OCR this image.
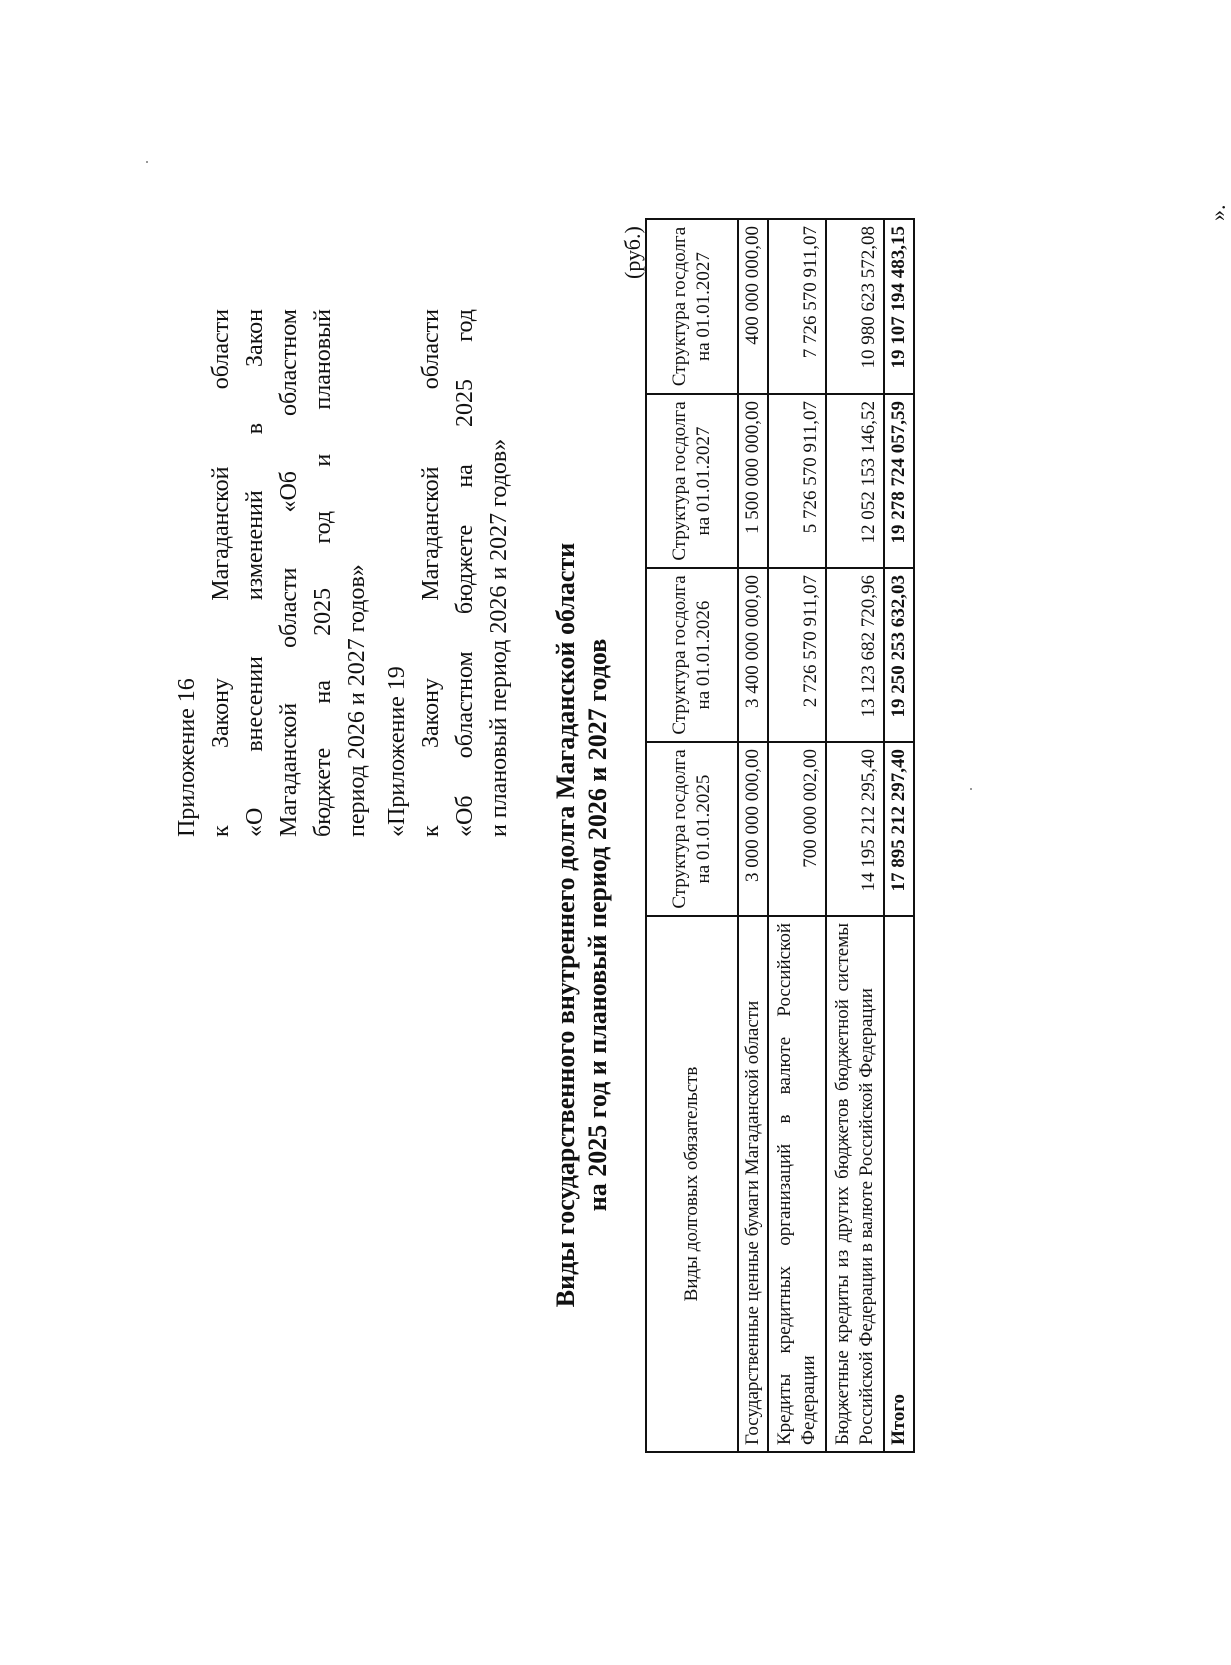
Приложение 16 к Закону Магаданской области «О внесении изменений в Закон Магаданской области «Об областном бюджете на 2025 год и плановый период 2026 и 2027 годов» «Приложение 19 к Закону Магаданской области «Об областном бюджете на 2025 год и плановый период 2026 и 2027 годов» Виды государственного внутреннего долга Магаданской области на 2025 год и плановый период 2026 и 2027 годов
(руб.)
Виды долговых обязательств	Структура госдолга на 01.01.2025	Структура госдолга на 01.01.2026	Структура госдолга на 01.01.2027	Структура госдолга на 01.01.2027
Государственные ценные бумаги Магаданской области	3 000 000 000,00	3 400 000 000,00	1 500 000 000,00	400 000 000,00
Кредиты кредитных организаций в валюте Российской Федерации	700 000 002,00	2 726 570 911,07	5 726 570 911,07	7 726 570 911,07
Бюджетные кредиты из других бюджетов бюджетной системы Российской Федерации в валюте Российской Федерации	14 195 212 295,40	13 123 682 720,96	12 052 153 146,52	10 980 623 572,08
Итого	17 895 212 297,40	19 250 253 632,03	19 278 724 057,59	19 107 194 483,15
».
